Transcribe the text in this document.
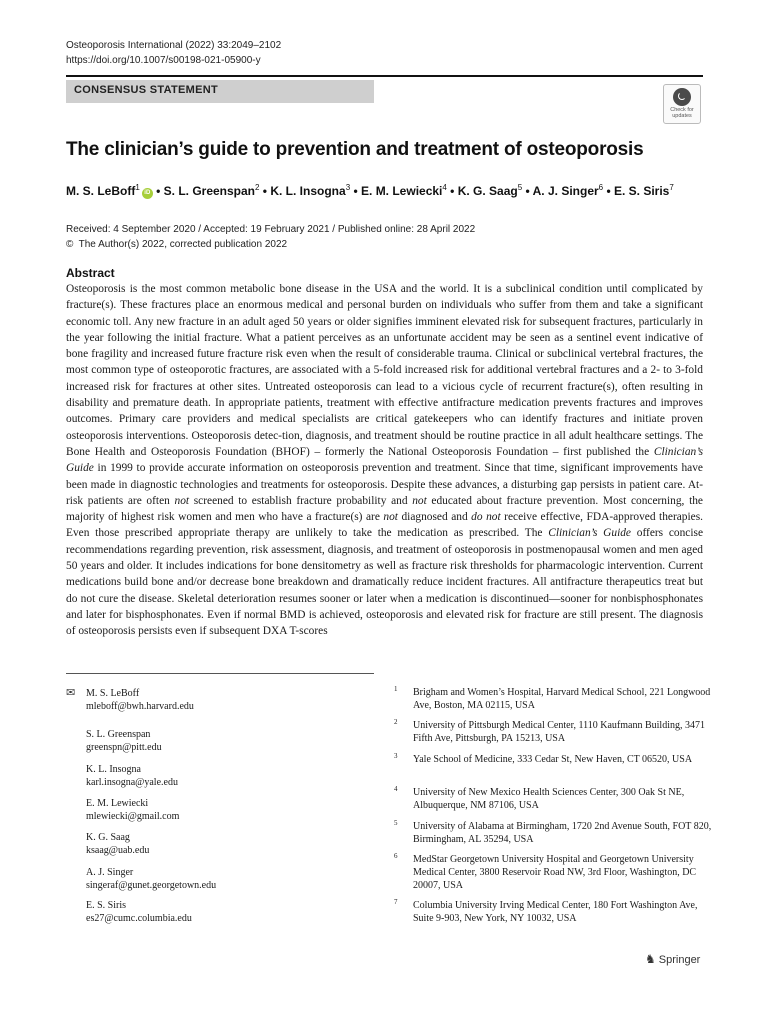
Osteoporosis International (2022) 33:2049–2102
https://doi.org/10.1007/s00198-021-05900-y
CONSENSUS STATEMENT
Check for
updates
The clinician’s guide to prevention and treatment of osteoporosis
M. S. LeBoff$^1$iD • S. L. Greenspan$^2$ • K. L. Insogna$^3$ • E. M. Lewiecki$^4$ • K. G. Saag$^5$ • A. J. Singer$^6$ • E. S. Siris$^7$
Received: 4 September 2020 / Accepted: 19 February 2021 / Published online: 28 April 2022
© The Author(s) 2022, corrected publication 2022
Abstract

Osteoporosis is the most common metabolic bone disease in the USA and the world. It is a subclinical condition until complicated by fracture(s). These fractures place an enormous medical and personal burden on individuals who suffer from them and take a significant economic toll. Any new fracture in an adult aged 50 years or older signifies imminent elevated risk for subsequent fractures, particularly in the year following the initial fracture. What a patient perceives as an unfortunate accident may be seen as a sentinel event indicative of bone fragility and increased future fracture risk even when the result of considerable trauma. Clinical or subclinical vertebral fractures, the most common type of osteoporotic fractures, are associated with a 5-fold increased risk for additional vertebral fractures and a 2- to 3-fold increased risk for fractures at other sites. Untreated osteoporosis can lead to a vicious cycle of recurrent fracture(s), often resulting in disability and premature death. In appropriate patients, treatment with effective antifracture medication prevents fractures and improves outcomes. Primary care providers and medical specialists are critical gatekeepers who can identify fractures and initiate proven osteoporosis interventions. Osteoporosis detec-tion, diagnosis, and treatment should be routine practice in all adult healthcare settings. The Bone Health and Osteoporosis Foundation (BHOF) – formerly the National Osteoporosis Foundation – first published the Clinician’s Guide in 1999 to provide accurate information on osteoporosis prevention and treatment. Since that time, significant improvements have been made in diagnostic technologies and treatments for osteoporosis. Despite these advances, a disturbing gap persists in patient care. At-risk patients are often not screened to establish fracture probability and not educated about fracture prevention. Most concerning, the majority of highest risk women and men who have a fracture(s) are not diagnosed and do not receive effective, FDA-approved therapies. Even those prescribed appropriate therapy are unlikely to take the medication as prescribed. The Clinician’s Guide offers concise recommendations regarding prevention, risk assessment, diagnosis, and treatment of osteoporosis in postmenopausal women and men aged 50 years and older. It includes indications for bone densitometry as well as fracture risk thresholds for pharmacologic intervention. Current medications build bone and/or decrease bone breakdown and dramatically reduce incident fractures. All antifracture therapeutics treat but do not cure the disease. Skeletal deterioration resumes sooner or later when a medication is discontinued—sooner for nonbisphosphonates and later for bisphosphonates. Even if normal BMD is achieved, osteoporosis and elevated risk for fracture are still present. The diagnosis of osteoporosis persists even if subsequent DXA T-scores

✉ M. S. LeBoff
mleboff@bwh.harvard.edu
S. L. Greenspan
greenspn@pitt.edu
K. L. Insogna
karl.insogna@yale.edu
E. M. Lewiecki
mlewiecki@gmail.com
K. G. Saag
ksaag@uab.edu
A. J. Singer
singeraf@gunet.georgetown.edu
E. S. Siris
es27@cumc.columbia.edu
1 Brigham and Women’s Hospital, Harvard Medical School, 221 Longwood Ave, Boston, MA 02115, USA
2 University of Pittsburgh Medical Center, 1110 Kaufmann Building, 3471 Fifth Ave, Pittsburgh, PA 15213, USA
3 Yale School of Medicine, 333 Cedar St, New Haven, CT 06520, USA
4 University of New Mexico Health Sciences Center, 300 Oak St NE, Albuquerque, NM 87106, USA
5 University of Alabama at Birmingham, 1720 2nd Avenue South, FOT 820, Birmingham, AL 35294, USA
6 MedStar Georgetown University Hospital and Georgetown University Medical Center, 3800 Reservoir Road NW, 3rd Floor, Washington, DC 20007, USA
7 Columbia University Irving Medical Center, 180 Fort Washington Ave, Suite 9-903, New York, NY 10032, USA
♞ Springer
